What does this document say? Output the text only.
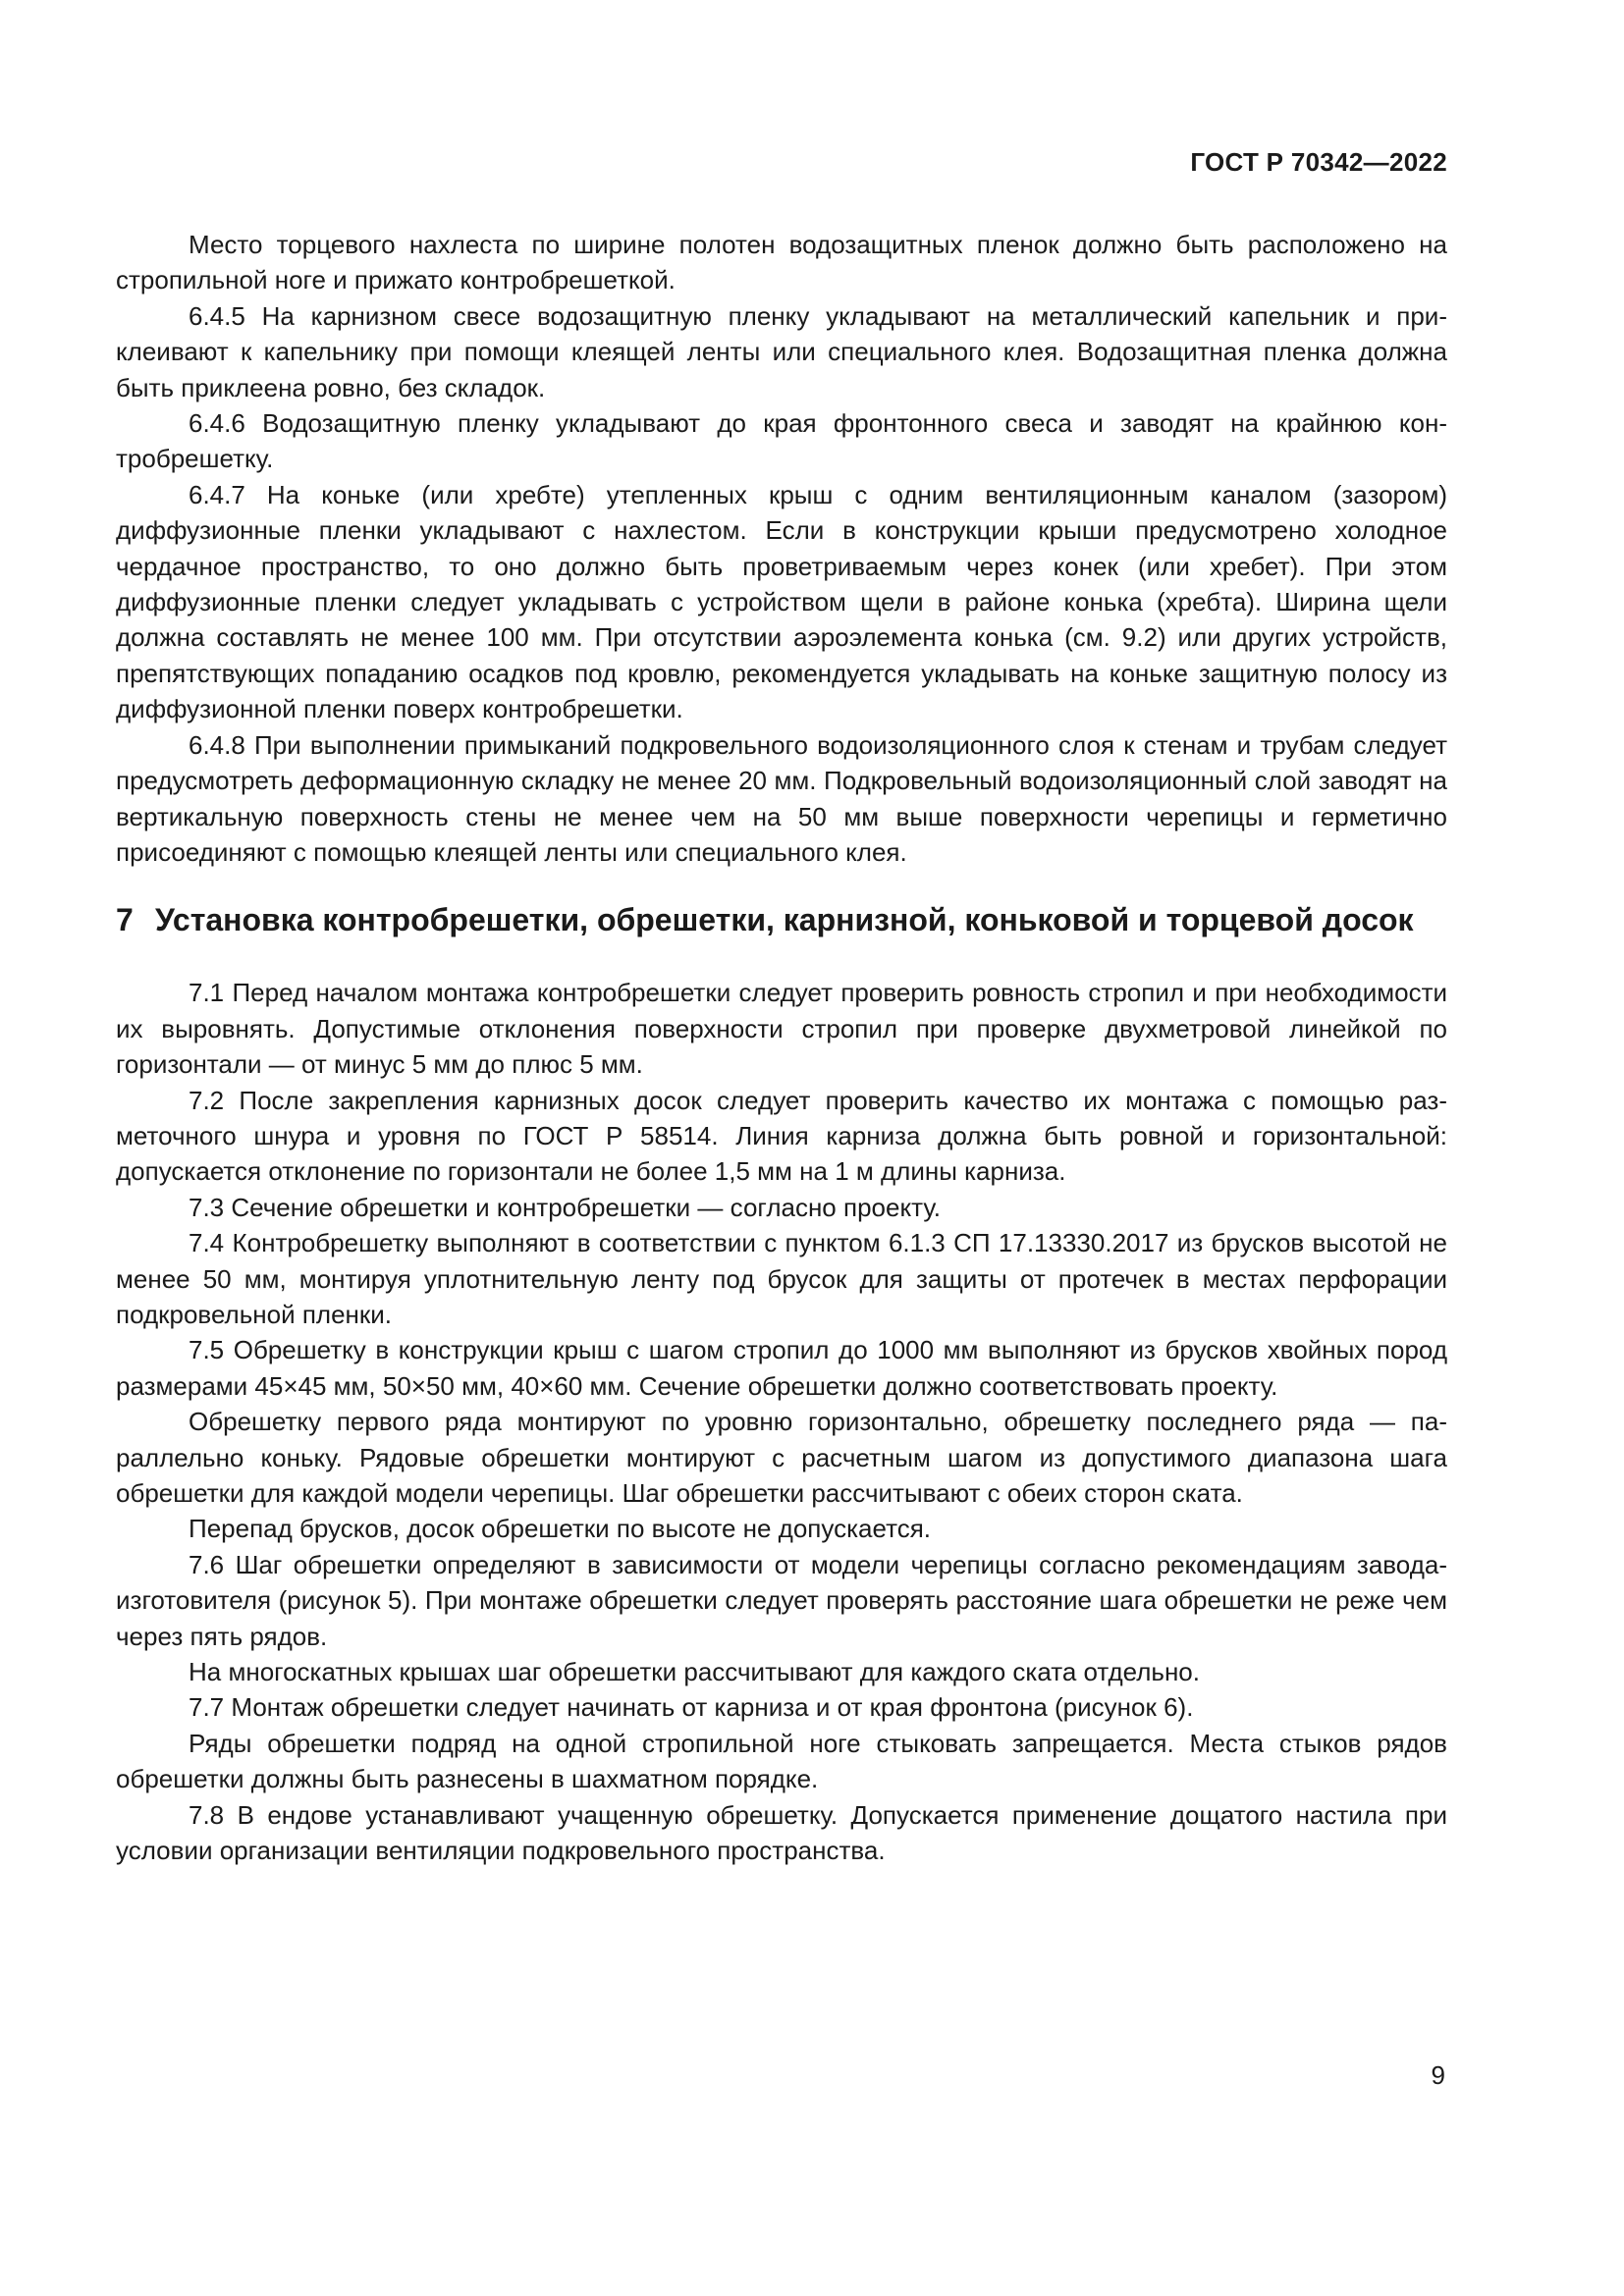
ГОСТ Р 70342—2022

Место торцевого нахлеста по ширине полотен водозащитных пленок должно быть расположено на стропильной ноге и прижато контробрешеткой.

6.4.5 На карнизном свесе водозащитную пленку укладывают на металлический капельник и приклеивают к капельнику при помощи клеящей ленты или специального клея. Водозащитная пленка должна быть приклеена ровно, без складок.

6.4.6 Водозащитную пленку укладывают до края фронтонного свеса и заводят на крайнюю контробрешетку.

6.4.7 На коньке (или хребте) утепленных крыш с одним вентиляционным каналом (зазором) диффузионные пленки укладывают с нахлестом. Если в конструкции крыши предусмотрено холодное чердачное пространство, то оно должно быть проветриваемым через конек (или хребет). При этом диффузионные пленки следует укладывать с устройством щели в районе конька (хребта). Ширина щели должна составлять не менее 100 мм. При отсутствии аэроэлемента конька (см. 9.2) или других устройств, препятствующих попаданию осадков под кровлю, рекомендуется укладывать на коньке защитную полосу из диффузионной пленки поверх контробрешетки.

6.4.8 При выполнении примыканий подкровельного водоизоляционного слоя к стенам и трубам следует предусмотреть деформационную складку не менее 20 мм. Подкровельный водоизоляционный слой заводят на вертикальную поверхность стены не менее чем на 50 мм выше поверхности черепицы и герметично присоединяют с помощью клеящей ленты или специального клея.

7 Установка контробрешетки, обрешетки, карнизной, коньковой и торцевой досок

7.1 Перед началом монтажа контробрешетки следует проверить ровность стропил и при необходимости их выровнять. Допустимые отклонения поверхности стропил при проверке двухметровой линейкой по горизонтали — от минус 5 мм до плюс 5 мм.

7.2 После закрепления карнизных досок следует проверить качество их монтажа с помощью разметочного шнура и уровня по ГОСТ Р 58514. Линия карниза должна быть ровной и горизонтальной: допускается отклонение по горизонтали не более 1,5 мм на 1 м длины карниза.

7.3 Сечение обрешетки и контробрешетки — согласно проекту.

7.4 Контробрешетку выполняют в соответствии с пунктом 6.1.3 СП 17.13330.2017 из брусков высотой не менее 50 мм, монтируя уплотнительную ленту под брусок для защиты от протечек в местах перфорации подкровельной пленки.

7.5 Обрешетку в конструкции крыш с шагом стропил до 1000 мм выполняют из брусков хвойных пород размерами 45×45 мм, 50×50 мм, 40×60 мм. Сечение обрешетки должно соответствовать проекту.

Обрешетку первого ряда монтируют по уровню горизонтально, обрешетку последнего ряда — параллельно коньку. Рядовые обрешетки монтируют с расчетным шагом из допустимого диапазона шага обрешетки для каждой модели черепицы. Шаг обрешетки рассчитывают с обеих сторон ската.

Перепад брусков, досок обрешетки по высоте не допускается.

7.6 Шаг обрешетки определяют в зависимости от модели черепицы согласно рекомендациям завода-изготовителя (рисунок 5). При монтаже обрешетки следует проверять расстояние шага обрешетки не реже чем через пять рядов.

На многоскатных крышах шаг обрешетки рассчитывают для каждого ската отдельно.

7.7 Монтаж обрешетки следует начинать от карниза и от края фронтона (рисунок 6).

Ряды обрешетки подряд на одной стропильной ноге стыковать запрещается. Места стыков рядов обрешетки должны быть разнесены в шахматном порядке.

7.8 В ендове устанавливают учащенную обрешетку. Допускается применение дощатого настила при условии организации вентиляции подкровельного пространства.

9
